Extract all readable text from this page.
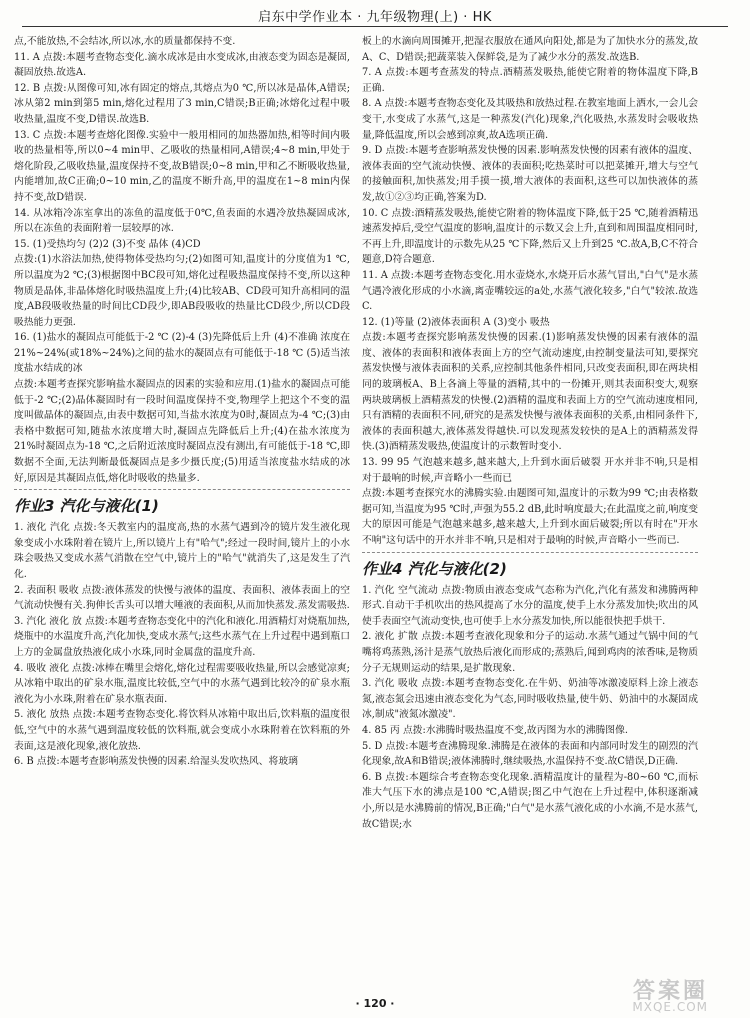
启东中学作业本 · 九年级物理(上) · HK

点,不能放热,不会结冰,所以冰,水的质量都保持不变.

11. A 点拨:本题考查物态变化.滴水成冰是由水变成冰,由液态变为固态是凝固,凝固放热.故选A.

12. B 点拨:从图像可知,冰有固定的熔点,其熔点为0 ℃,所以冰是晶体,A错误;冰从第2 min到第5 min,熔化过程用了3 min,C错误;B正确;冰熔化过程中吸收热量,温度不变,D错误.故选B.

13. C 点拨:本题考查熔化图像.实验中一般用相同的加热器加热,相等时间内吸收的热量相等,所以0~4 min甲、乙吸收的热量相同,A错误;4~8 min,甲处于熔化阶段,乙吸收热量,温度保持不变,故B错误;0~8 min,甲和乙不断吸收热量,内能增加,故C正确;0~10 min,乙的温度不断升高,甲的温度在1~8 min内保持不变,故D错误.

14. 从冰箱冷冻室拿出的冻鱼的温度低于0℃,鱼表面的水遇冷放热凝固成冰,所以在冻鱼的表面附着一层较厚的冰.

15. (1)受热均匀 (2)2 (3)不变 晶体 (4)CD

点拨:(1)水浴法加热,使得物体受热均匀;(2)如图可知,温度计的分度值为1 ℃,所以温度为2 ℃;(3)根据图中BC段可知,熔化过程吸热温度保持不变,所以这种物质是晶体,非晶体熔化时吸热温度上升;(4)比较AB、CD段可知升高相同的温度,AB段吸收热量的时间比CD段少,即AB段吸收的热量比CD段少,所以CD段吸热能力更强.

16. (1)盐水的凝固点可能低于-2 ℃ (2)-4 (3)先降低后上升 (4)不准确 浓度在21%~24%(或18%~24%)之间的盐水的凝固点有可能低于-18 ℃ (5)适当浓度盐水结成的冰

点拨:本题考查探究影响盐水凝固点的因素的实验和应用.(1)盐水的凝固点可能低于-2 ℃;(2)晶体凝固时有一段时间温度保持不变,物理学上把这个不变的温度叫做晶体的凝固点,由表中数据可知,当盐水浓度为0时,凝固点为-4 ℃;(3)由表格中数据可知,随盐水浓度增大时,凝固点先降低后上升;(4)在盐水浓度为21%时凝固点为-18 ℃,之后附近浓度时凝固点没有测出,有可能低于-18 ℃,即数据不全面,无法判断最低凝固点是多少摄氏度;(5)用适当浓度盐水结成的冰好,原因是其凝固点低,熔化时吸收的热量多.

作业3 汽化与液化(1)

1. 液化 汽化 点拨:冬天教室内的温度高,热的水蒸气遇到冷的镜片发生液化现象变成小水珠附着在镜片上,所以镜片上有"哈气";经过一段时间,镜片上的小水珠会吸热又变成水蒸气消散在空气中,镜片上的"哈气"就消失了,这是发生了汽化.

2. 表面积 吸收 点拨:液体蒸发的快慢与液体的温度、表面积、液体表面上的空气流动快慢有关.狗伸长舌头可以增大唾液的表面积,从而加快蒸发.蒸发需吸热.

3. 汽化 液化 放 点拨:本题考查物态变化中的汽化和液化.用酒精灯对烧瓶加热,烧瓶中的水温度升高,汽化加快,变成水蒸气;这些水蒸气在上升过程中遇到瓶口上方的金属盘放热液化成小水珠,同时金属盘的温度升高.

4. 吸收 液化 点拨:冰棒在嘴里会熔化,熔化过程需要吸收热量,所以会感觉凉爽;从冰箱中取出的矿泉水瓶,温度比较低,空气中的水蒸气遇到比较冷的矿泉水瓶液化为小水珠,附着在矿泉水瓶表面.

5. 液化 放热 点拨:本题考查物态变化.将饮料从冰箱中取出后,饮料瓶的温度很低,空气中的水蒸气遇到温度较低的饮料瓶,就会变成小水珠附着在饮料瓶的外表面,这是液化现象,液化放热.

6. B 点拨:本题考查影响蒸发快慢的因素.给湿头发吹热风、将玻璃

板上的水滴向周围摊开,把湿衣服放在通风向阳处,都是为了加快水分的蒸发,故A、C、D错误;把蔬菜装入保鲜袋,是为了减少水分的蒸发.故选B.

7. A 点拨:本题考查蒸发的特点.酒精蒸发吸热,能使它附着的物体温度下降,B正确.

8. A 点拨:本题考查物态变化及其吸热和放热过程.在教室地面上洒水,一会儿会变干,水变成了水蒸气,这是一种蒸发(汽化)现象,汽化吸热,水蒸发时会吸收热量,降低温度,所以会感到凉爽,故A选项正确.

9. D 点拨:本题考查影响蒸发快慢的因素.影响蒸发快慢的因素有液体的温度、液体表面的空气流动快慢、液体的表面积;吃热菜时可以把菜摊开,增大与空气的接触面积,加快蒸发;用手摸一摸,增大液体的表面积,这些可以加快液体的蒸发,故①②③均正确,答案为D.

10. C 点拨:酒精蒸发吸热,能使它附着的物体温度下降,低于25 ℃,随着酒精迅速蒸发掉后,受空气温度的影响,温度计的示数又会上升,直到和周围温度相同时,不再上升,即温度计的示数先从25 ℃下降,然后又上升到25 ℃.故A,B,C不符合题意,D符合题意.

11. A 点拨:本题考查物态变化.用水壶烧水,水烧开后水蒸气冒出,"白气"是水蒸气遇冷液化形成的小水滴,离壶嘴较远的a处,水蒸气液化较多,"白气"较浓.故选C.

12. (1)等量 (2)液体表面积 A (3)变小 吸热

点拨:本题考查探究影响蒸发快慢的因素.(1)影响蒸发快慢的因素有液体的温度、液体的表面积和液体表面上方的空气流动速度,由控制变量法可知,要探究蒸发快慢与液体表面积的关系,应控制其他条件相同,只改变表面积,即在两块相同的玻璃板A、B上各滴上等量的酒精,其中的一份摊开,则其表面积变大,观察两块玻璃板上酒精蒸发的快慢.(2)酒精的温度和表面上方的空气流动速度相同,只有酒精的表面积不同,研究的是蒸发快慢与液体表面积的关系,由相同条件下,液体的表面积越大,液体蒸发得越快.可以发现蒸发较快的是A上的酒精蒸发得快.(3)酒精蒸发吸热,使温度计的示数暂时变小.

13. 99 95 气泡越来越多,越来越大,上升到水面后破裂 开水并非不响,只是相对于最响的时候,声音略小一些而已

点拨:本题考查探究水的沸腾实验.由题图可知,温度计的示数为99 ℃;由表格数据可知,当温度为95 ℃时,声强为55.2 dB,此时响度最大;在此温度之前,响度变大的原因可能是气泡越来越多,越来越大,上升到水面后破裂;所以有时在"开水不响"这句话中的开水并非不响,只是相对于最响的时候,声音略小一些而已.

作业4 汽化与液化(2)

1. 汽化 空气流动 点拨:物质由液态变成气态称为汽化,汽化有蒸发和沸腾两种形式.自动干手机吹出的热风提高了水分的温度,使手上水分蒸发加快;吹出的风使手表面空气流动变快,也可使手上水分蒸发加快,所以能很快把手烘干.

2. 液化 扩散 点拨:本题考查液化现象和分子的运动.水蒸气通过气锅中间的气嘴将鸡蒸熟,汤汁是蒸气放热后液化而形成的;蒸熟后,闻到鸡肉的浓香味,是物质分子无规则运动的结果,是扩散现象.

3. 汽化 吸收 点拨:本题考查物态变化.在牛奶、奶油等冰激凌原料上涂上液态氮,液态氮会迅速由液态变化为气态,同时吸收热量,使牛奶、奶油中的水凝固成冰,制成"液氮冰激凌".

4. 85 丙 点拨:水沸腾时吸热温度不变,故丙图为水的沸腾图像.

5. D 点拨:本题考查沸腾现象.沸腾是在液体的表面和内部同时发生的剧烈的汽化现象,故A和B错误;液体沸腾时,继续吸热,水温保持不变.故C错误,D正确.

6. B 点拨:本题综合考查物态变化现象.酒精温度计的量程为-80~60 ℃,而标准大气压下水的沸点是100 ℃,A错误;图乙中气泡在上升过程中,体积逐渐减小,所以是水沸腾前的情况,B正确;"白气"是水蒸气液化成的小水滴,不是水蒸气,故C错误;水

· 120 ·	答案圈
MXQE.COM
